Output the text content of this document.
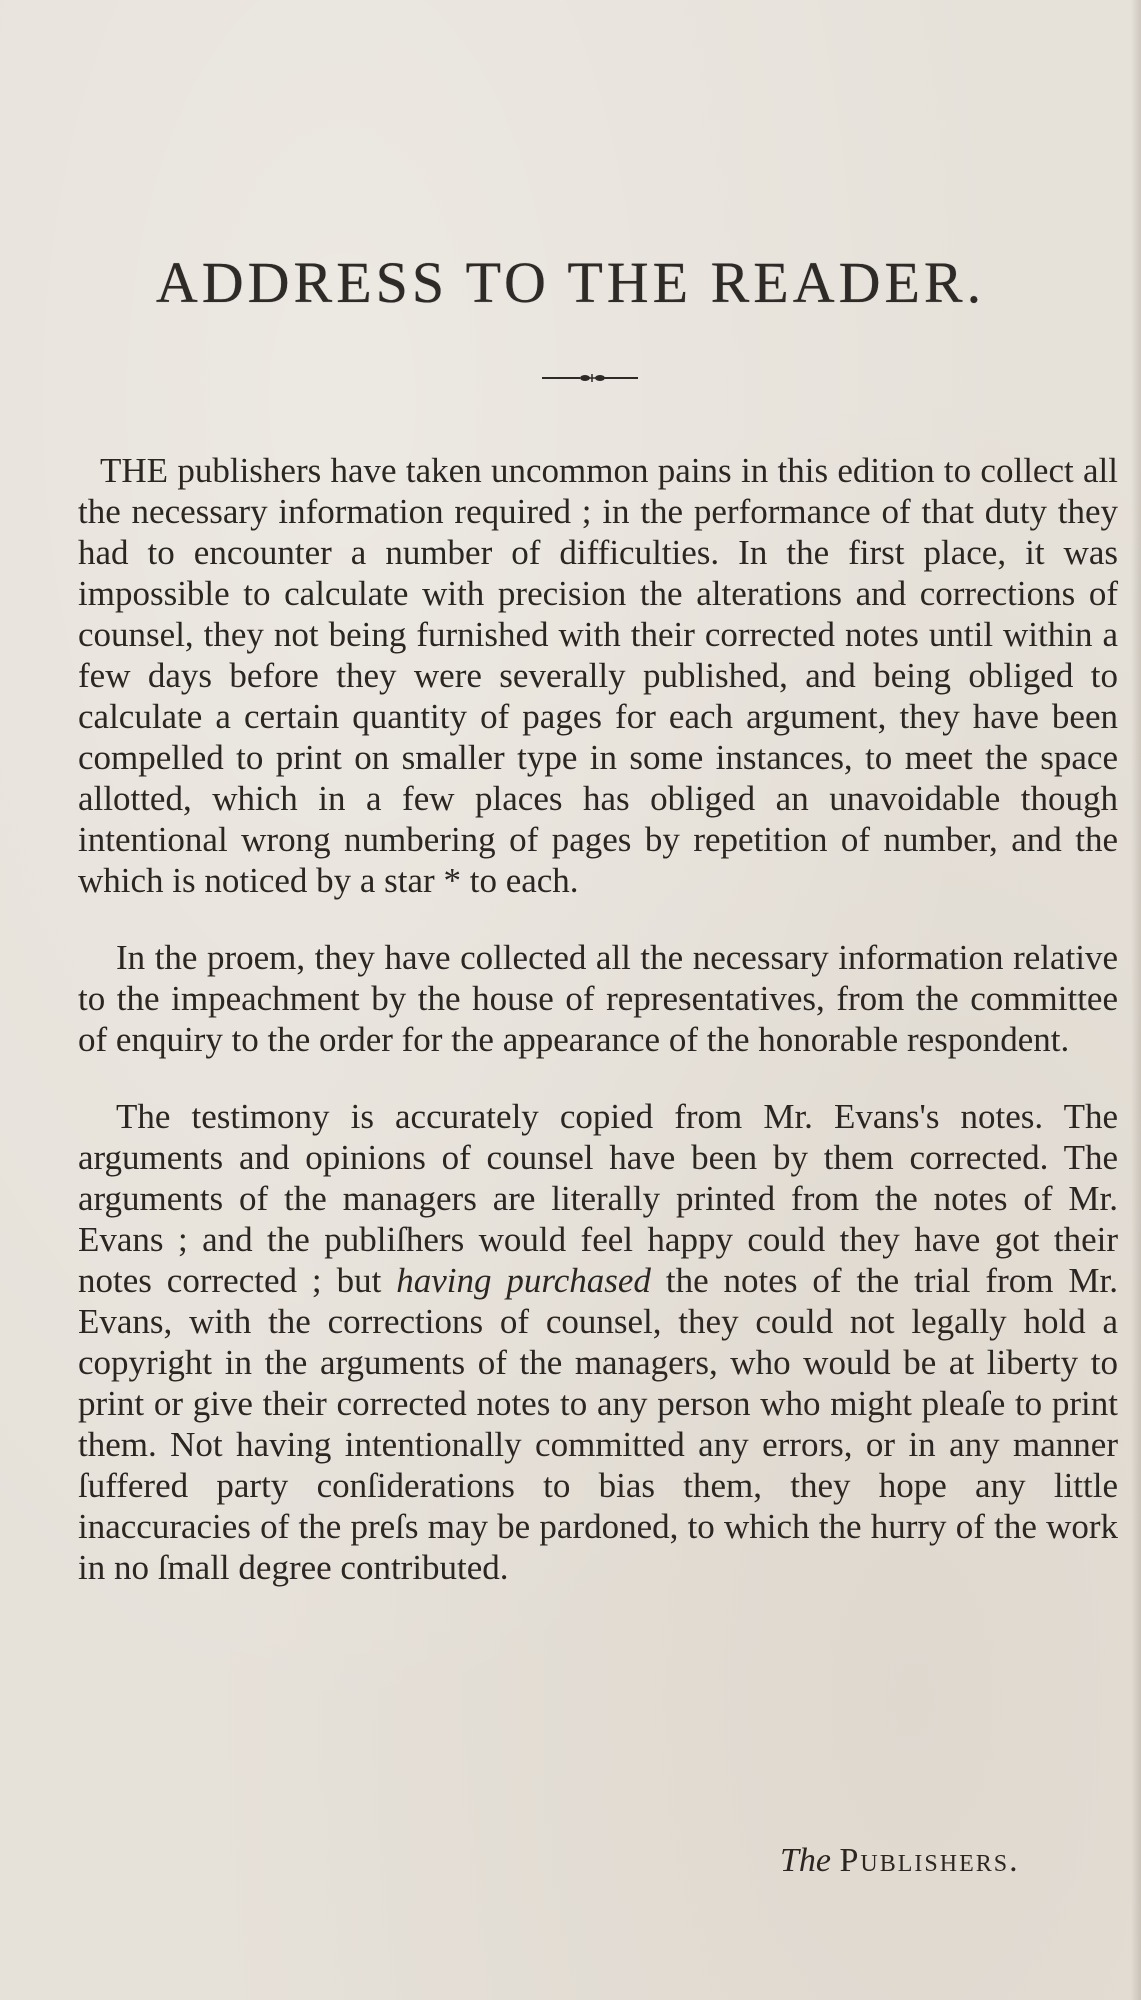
ADDRESS TO THE READER.

THE publishers have taken uncommon pains in this edition to collect all the necessary information required ; in the performance of that duty they had to encounter a number of difficulties. In the first place, it was impossible to calculate with precision the alterations and corrections of counsel, they not being furnished with their corrected notes until within a few days before they were severally published, and being obliged to calculate a certain quantity of pages for each argument, they have been compelled to print on smaller type in some instances, to meet the space allotted, which in a few places has obliged an unavoidable though intentional wrong numbering of pages by repetition of number, and the which is noticed by a star * to each.

In the proem, they have collected all the necessary information relative to the impeachment by the house of representatives, from the committee of enquiry to the order for the appearance of the honorable respondent.

The testimony is accurately copied from Mr. Evans's notes. The arguments and opinions of counsel have been by them corrected. The arguments of the managers are literally printed from the notes of Mr. Evans ; and the publiſhers would feel happy could they have got their notes corrected ; but having purchased the notes of the trial from Mr. Evans, with the corrections of counsel, they could not legally hold a copyright in the arguments of the managers, who would be at liberty to print or give their corrected notes to any person who might pleaſe to print them. Not having intentionally committed any errors, or in any manner ſuffered party conſiderations to bias them, they hope any little inaccuracies of the preſs may be pardoned, to which the hurry of the work in no ſmall degree contributed.

The Publishers.
